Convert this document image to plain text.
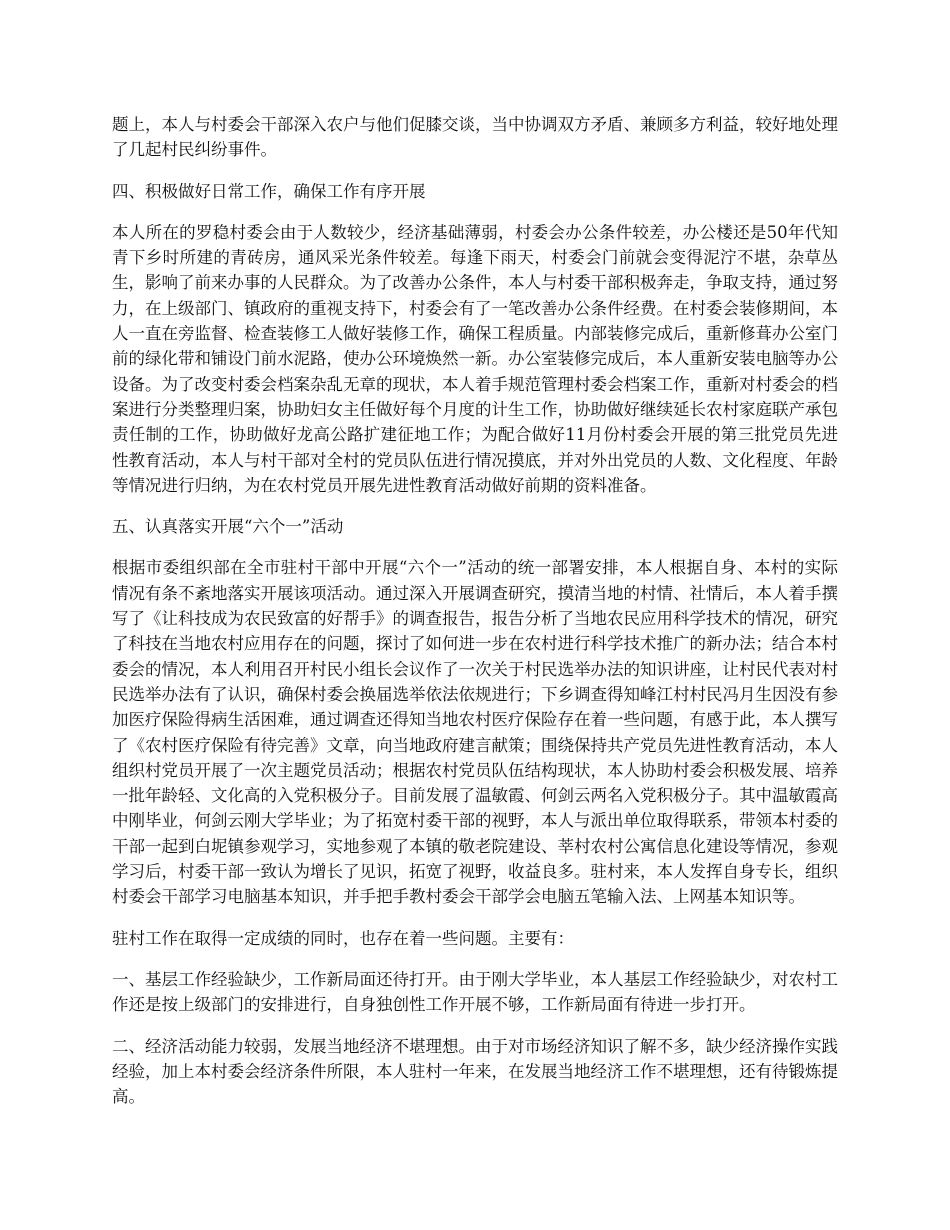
题上，本人与村委会干部深入农户与他们促膝交谈，当中协调双方矛盾、兼顾多方利益，较好地处理了几起村民纠纷事件。

四、积极做好日常工作，确保工作有序开展

本人所在的罗稳村委会由于人数较少，经济基础薄弱，村委会办公条件较差，办公楼还是50年代知青下乡时所建的青砖房，通风采光条件较差。每逢下雨天，村委会门前就会变得泥泞不堪，杂草丛生，影响了前来办事的人民群众。为了改善办公条件，本人与村委干部积极奔走，争取支持，通过努力，在上级部门、镇政府的重视支持下，村委会有了一笔改善办公条件经费。在村委会装修期间，本人一直在旁监督、检查装修工人做好装修工作，确保工程质量。内部装修完成后，重新修葺办公室门前的绿化带和铺设门前水泥路，使办公环境焕然一新。办公室装修完成后，本人重新安装电脑等办公设备。为了改变村委会档案杂乱无章的现状，本人着手规范管理村委会档案工作，重新对村委会的档案进行分类整理归案，协助妇女主任做好每个月度的计生工作，协助做好继续延长农村家庭联产承包责任制的工作，协助做好龙高公路扩建征地工作；为配合做好11月份村委会开展的第三批党员先进性教育活动，本人与村干部对全村的党员队伍进行情况摸底，并对外出党员的人数、文化程度、年龄等情况进行归纳，为在农村党员开展先进性教育活动做好前期的资料准备。

五、认真落实开展“六个一”活动

根据市委组织部在全市驻村干部中开展“六个一”活动的统一部署安排，本人根据自身、本村的实际情况有条不紊地落实开展该项活动。通过深入开展调查研究，摸清当地的村情、社情后，本人着手撰写了《让科技成为农民致富的好帮手》的调查报告，报告分析了当地农民应用科学技术的情况，研究了科技在当地农村应用存在的问题，探讨了如何进一步在农村进行科学技术推广的新办法；结合本村委会的情况，本人利用召开村民小组长会议作了一次关于村民选举办法的知识讲座，让村民代表对村民选举办法有了认识，确保村委会换届选举依法依规进行；下乡调查得知峰江村村民冯月生因没有参加医疗保险得病生活困难，通过调查还得知当地农村医疗保险存在着一些问题，有感于此，本人撰写了《农村医疗保险有待完善》文章，向当地政府建言献策；围绕保持共产党员先进性教育活动，本人组织村党员开展了一次主题党员活动；根据农村党员队伍结构现状，本人协助村委会积极发展、培养一批年龄轻、文化高的入党积极分子。目前发展了温敏霞、何剑云两名入党积极分子。其中温敏霞高中刚毕业，何剑云刚大学毕业；为了拓宽村委干部的视野，本人与派出单位取得联系，带领本村委的干部一起到白坭镇参观学习，实地参观了本镇的敬老院建设、莘村农村公寓信息化建设等情况，参观学习后，村委干部一致认为增长了见识，拓宽了视野，收益良多。驻村来，本人发挥自身专长，组织村委会干部学习电脑基本知识，并手把手教村委会干部学会电脑五笔输入法、上网基本知识等。

驻村工作在取得一定成绩的同时，也存在着一些问题。主要有：

一、基层工作经验缺少，工作新局面还待打开。由于刚大学毕业，本人基层工作经验缺少，对农村工作还是按上级部门的安排进行，自身独创性工作开展不够，工作新局面有待进一步打开。

二、经济活动能力较弱，发展当地经济不堪理想。由于对市场经济知识了解不多，缺少经济操作实践经验，加上本村委会经济条件所限，本人驻村一年来，在发展当地经济工作不堪理想，还有待锻炼提高。
